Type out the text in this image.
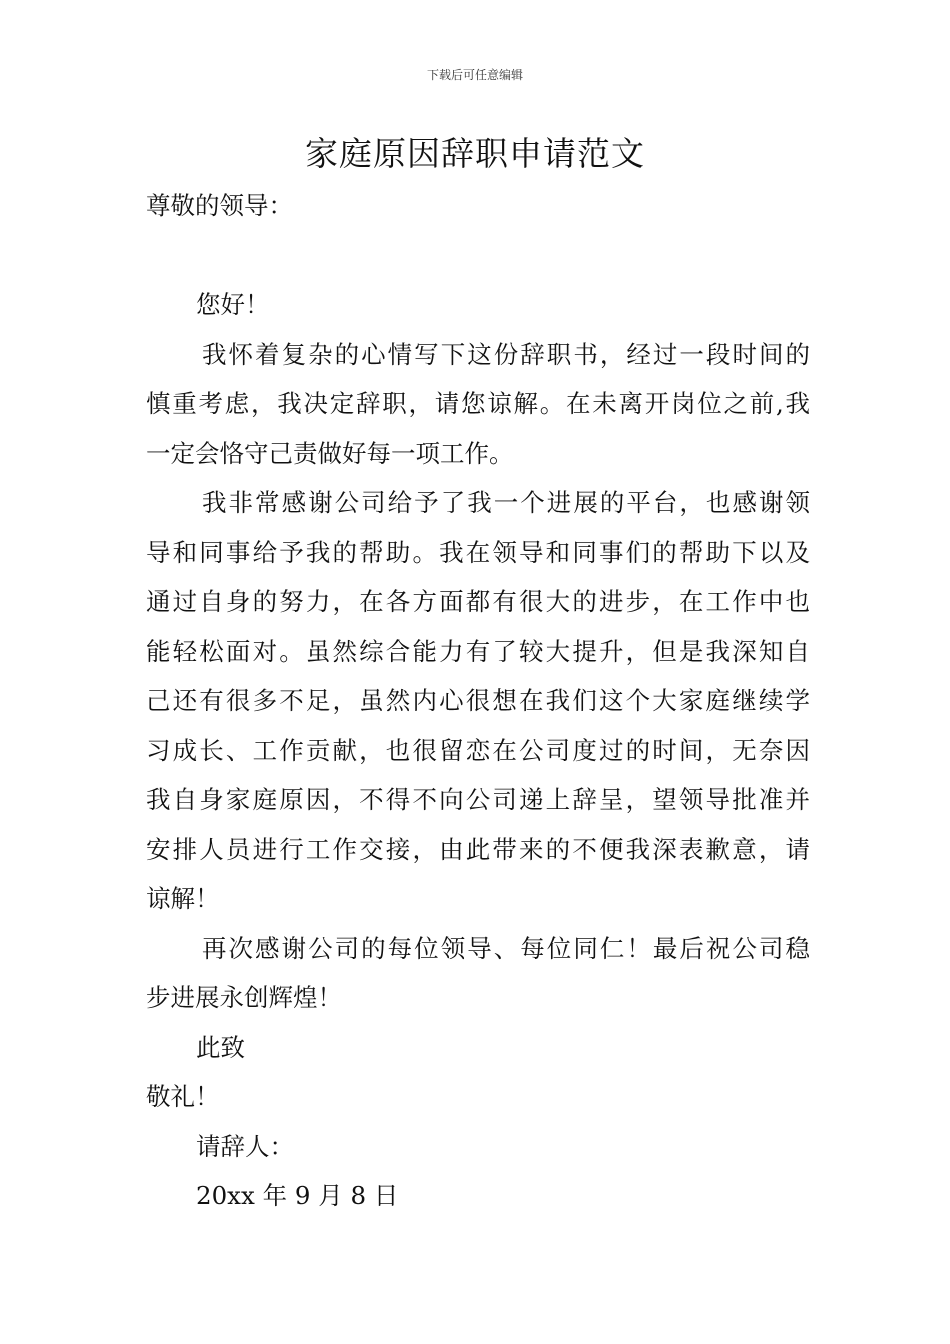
下载后可任意编辑
家庭原因辞职申请范文
尊敬的领导：
您好！
我怀着复杂的心情写下这份辞职书，经过一段时间的
慎重考虑，我决定辞职，请您谅解。在未离开岗位之前,我
一定会恪守己责做好每一项工作。
我非常感谢公司给予了我一个进展的平台，也感谢领
导和同事给予我的帮助。我在领导和同事们的帮助下以及
通过自身的努力，在各方面都有很大的进步，在工作中也
能轻松面对。虽然综合能力有了较大提升，但是我深知自
己还有很多不足，虽然内心很想在我们这个大家庭继续学
习成长、工作贡献，也很留恋在公司度过的时间，无奈因
我自身家庭原因，不得不向公司递上辞呈，望领导批准并
安排人员进行工作交接，由此带来的不便我深表歉意，请
谅解！
再次感谢公司的每位领导、每位同仁！最后祝公司稳
步进展永创辉煌！
此致
敬礼！
请辞人：
20xx 年 9 月 8 日
